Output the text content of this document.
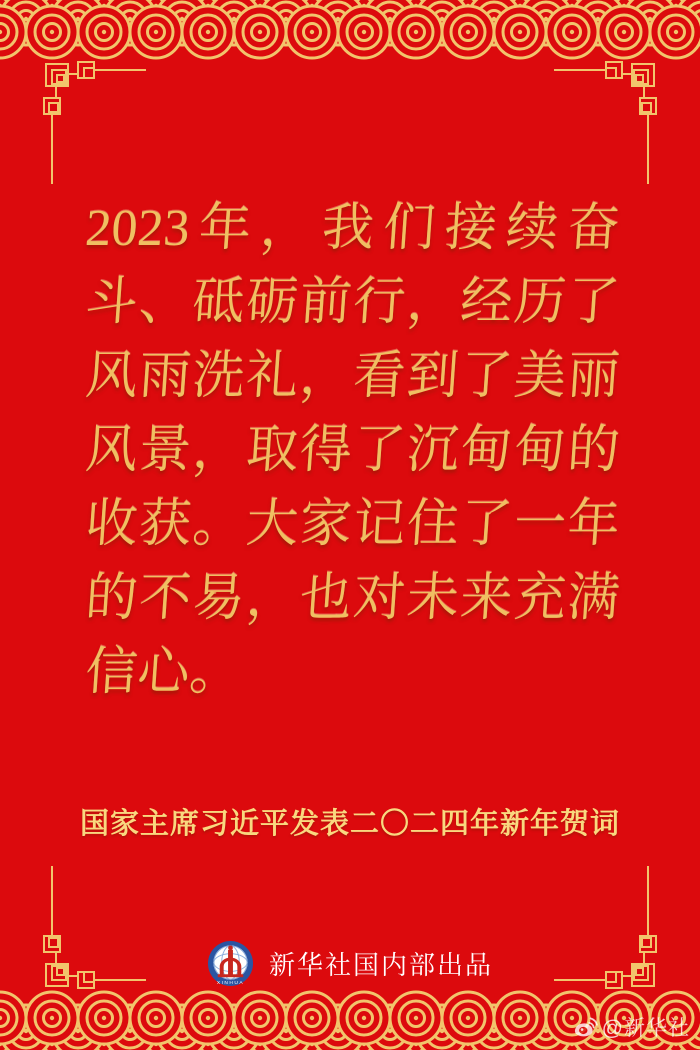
2023年，我们接续奋
斗、砥砺前行，经历了
风雨洗礼，看到了美丽
风景，取得了沉甸甸的
收获。大家记住了一年
的不易，也对未来充满
信心。
国家主席习近平发表二〇二四年新年贺词
XINHUA
新华社国内部出品
@新华社
